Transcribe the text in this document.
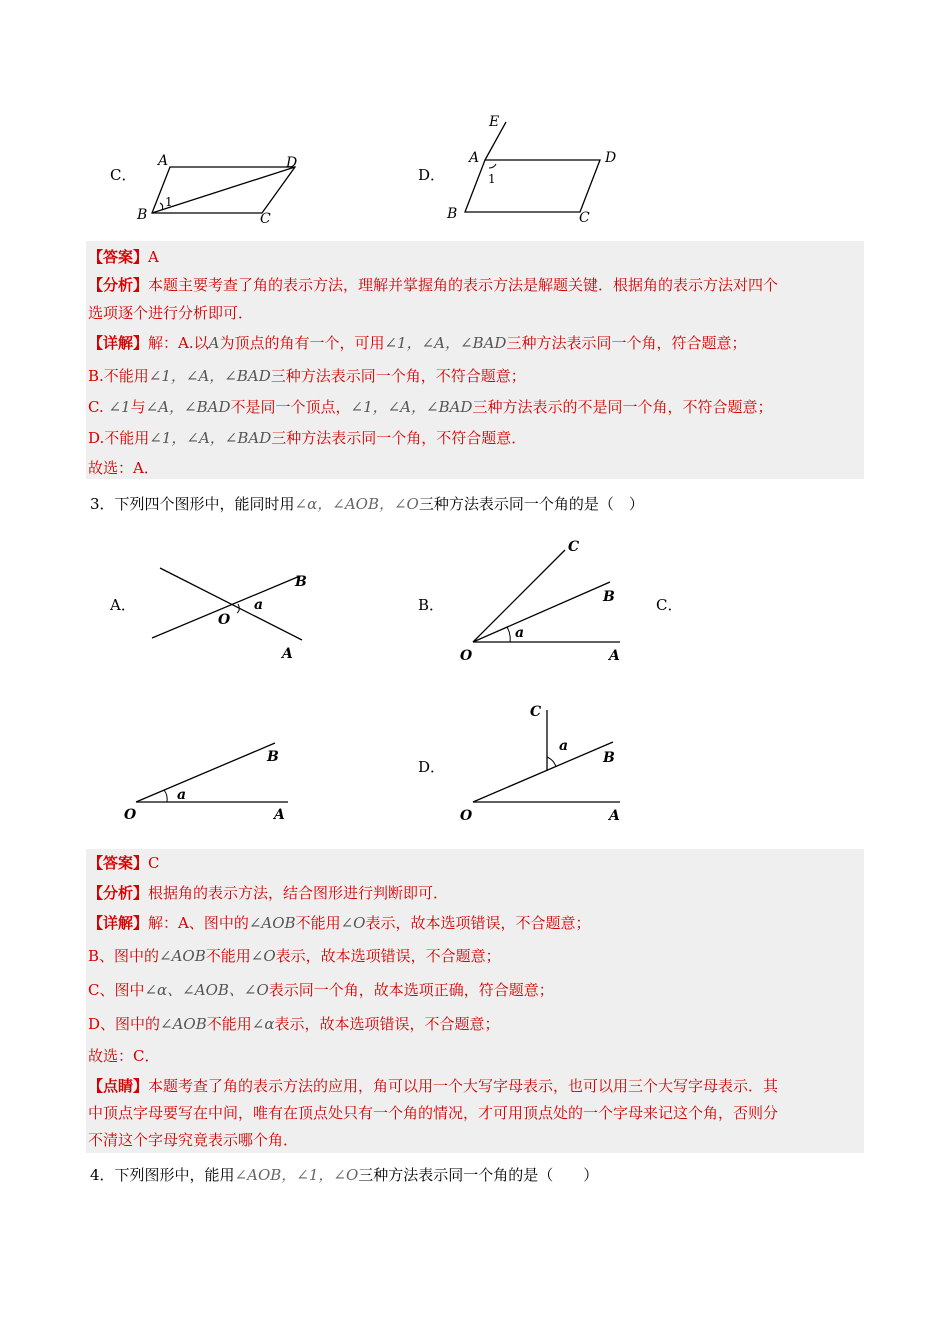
C．
A	D
B	C
1
D．
E
A	D
B	C
1
【答案】A
【分析】本题主要考查了角的表示方法，理解并掌握角的表示方法是解题关键．根据角的表示方法对四个
选项逐个进行分析即可．
【详解】解：A.以A为顶点的角有一个，可用∠1，∠A，∠BAD三种方法表示同一个角，符合题意；
B.不能用∠1，∠A，∠BAD三种方法表示同一个角，不符合题意；
C. ∠1与∠A，∠BAD不是同一个顶点，∠1，∠A，∠BAD三种方法表示的不是同一个角，不符合题意；
D.不能用∠1，∠A，∠BAD三种方法表示同一个角，不符合题意．
故选：A．
3．下列四个图形中，能同时用∠α，∠AOB，∠O三种方法表示同一个角的是（　）
A．
B
O
a
A
B．
C
B
a
O	A
C．
B
a
O	A
D．
C
a
B
O	A
【答案】C
【分析】根据角的表示方法，结合图形进行判断即可．
【详解】解：A、图中的∠AOB不能用∠O表示，故本选项错误，不合题意；
B、图中的∠AOB不能用∠O表示，故本选项错误，不合题意；
C、图中∠α、∠AOB、∠O表示同一个角，故本选项正确，符合题意；
D、图中的∠AOB不能用∠α表示，故本选项错误，不合题意；
故选：C．
【点睛】本题考查了角的表示方法的应用，角可以用一个大写字母表示，也可以用三个大写字母表示．其
中顶点字母要写在中间，唯有在顶点处只有一个角的情况，才可用顶点处的一个字母来记这个角，否则分
不清这个字母究竟表示哪个角．
4．下列图形中，能用∠AOB，∠1，∠O三种方法表示同一个角的是（　　）
